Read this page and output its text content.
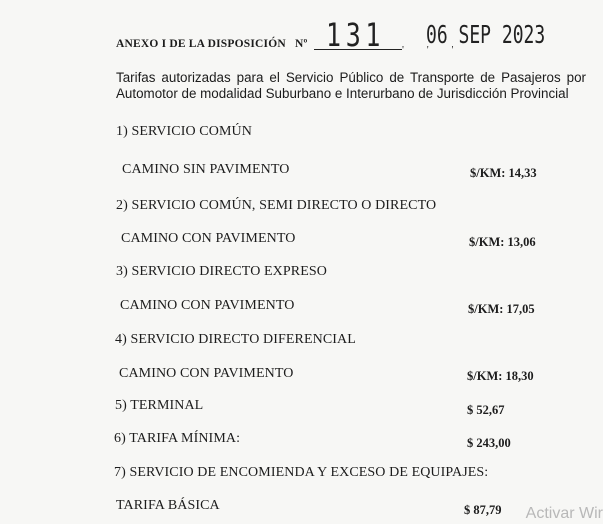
ANEXO I DE LA DISPOSICIÓN Nº 131 ' ' '
06 SEP 2023
Tarifas autorizadas para el Servicio Público de Transporte de Pasajeros por Automotor de modalidad Suburbano e Interurbano de Jurisdicción Provincial
1) SERVICIO COMÚN
CAMINO SIN PAVIMENTO	$/KM: 14,33
2) SERVICIO COMÚN, SEMI DIRECTO O DIRECTO
CAMINO CON PAVIMENTO	$/KM: 13,06
3) SERVICIO DIRECTO EXPRESO
CAMINO CON PAVIMENTO	$/KM: 17,05
4) SERVICIO DIRECTO DIFERENCIAL
CAMINO CON PAVIMENTO	$/KM: 18,30
5) TERMINAL	$ 52,67
6) TARIFA MÍNIMA:	$ 243,00
7) SERVICIO DE ENCOMIENDA Y EXCESO DE EQUIPAJES:
TARIFA BÁSICA	$ 87,79 Activar Wir
